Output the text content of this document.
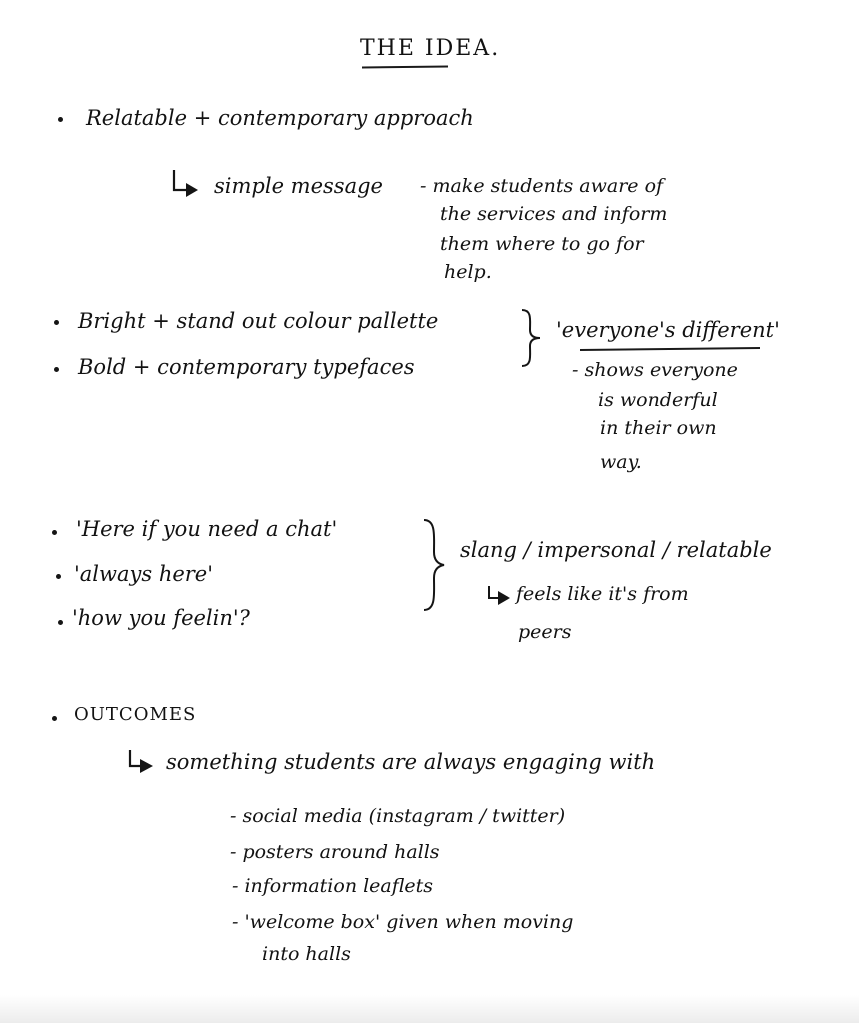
THE IDEA.
Relatable + contemporary approach
simple message - make students aware of
the services and inform
them where to go for
help.
Bright + stand out colour pallette
Bold + contemporary typefaces
'everyone's different'
- shows everyone
is wonderful
in their own
way.
'Here if you need a chat'
'always here'
'how you feelin'?
slang / impersonal / relatable
feels like it's from
peers
OUTCOMES
something students are always engaging with
- social media (instagram / twitter)
- posters around halls
- information leaflets
- 'welcome box' given when moving
into halls
